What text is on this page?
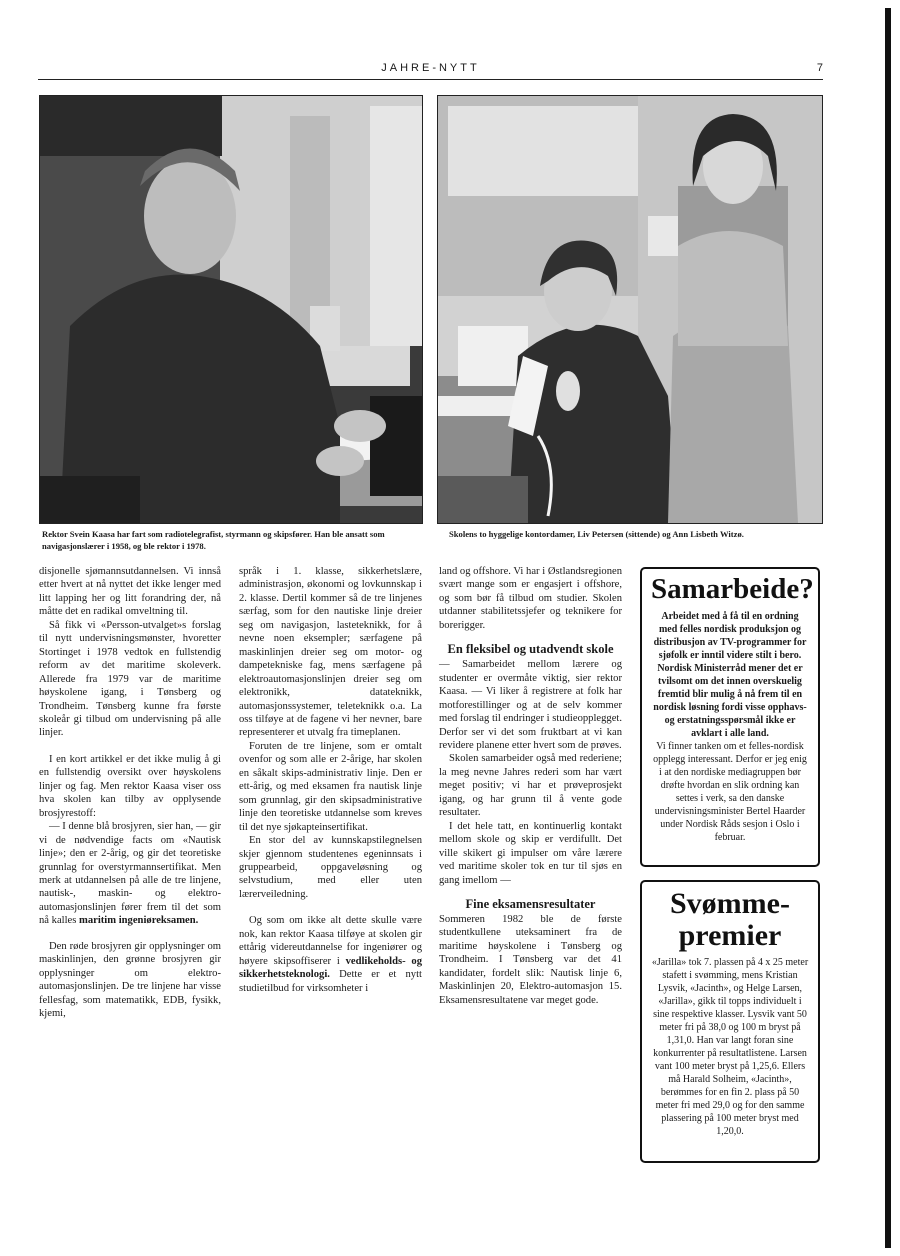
JAHRE-NYTT	7
Rektor Svein Kaasa har fart som radiotelegrafist, styrmann og skipsfører. Han ble ansatt som navigasjonslærer i 1958, og ble rektor i 1978.
Skolens to hyggelige kontordamer, Liv Petersen (sittende) og Ann Lisbeth Witzø.

disjonelle sjømannsutdannelsen. Vi innså etter hvert at nå nyttet det ikke lenger med litt lapping her og litt forandring der, nå måtte det en radikal omveltning til.

Så fikk vi «Persson-utvalget»s forslag til nytt undervisningsmønster, hvoretter Stortinget i 1978 vedtok en fullstendig reform av det maritime skoleverk. Allerede fra 1979 var de maritime høyskolene igang, i Tønsberg og Trondheim. Tønsberg kunne fra første skoleår gi tilbud om undervisning på alle linjer.

I en kort artikkel er det ikke mulig å gi en fullstendig oversikt over høyskolens linjer og fag. Men rektor Kaasa viser oss hva skolen kan tilby av opplysende brosjyrestoff:

— I denne blå brosjyren, sier han, — gir vi de nødvendige facts om «Nautisk linje»; den er 2-årig, og gir det teoretiske grunnlag for overstyrmannsertifikat. Men merk at utdannelsen på alle de tre linjene, nautisk-, maskin- og elektro-automasjonslinjen fører frem til det som nå kalles maritim ingeniøreksamen.

Den røde brosjyren gir opplysninger om maskinlinjen, den grønne brosjyren gir opplysninger om elektro-automasjonslinjen. De tre linjene har visse fellesfag, som matematikk, EDB, fysikk, kjemi,

språk i 1. klasse, sikkerhetslære, administrasjon, økonomi og lovkunnskap i 2. klasse. Dertil kommer så de tre linjenes særfag, som for den nautiske linje dreier seg om navigasjon, lasteteknikk, for å nevne noen eksempler; særfagene på maskinlinjen dreier seg om motor- og dampetekniske fag, mens særfagene på elektroautomasjonslinjen dreier seg om elektronikk, datateknikk, automasjonssystemer, teleteknikk o.a. La oss tilføye at de fagene vi her nevner, bare representerer et utvalg fra timeplanen.

Foruten de tre linjene, som er omtalt ovenfor og som alle er 2-årige, har skolen en såkalt skips-administrativ linje. Den er ett-årig, og med eksamen fra nautisk linje som grunnlag, gir den skipsadministrative linje den teoretiske utdannelse som kreves til det nye sjøkapteinsertifikat.

En stor del av kunnskapstilegnelsen skjer gjennom studentenes egeninnsats i gruppearbeid, oppgaveløsning og selvstudium, med eller uten lærerveiledning.

Og som om ikke alt dette skulle være nok, kan rektor Kaasa tilføye at skolen gir ettårig videreutdannelse for ingeniører og høyere skipsoffiserer i vedlikeholds- og sikkerhetsteknologi. Dette er et nytt studietilbud for virksomheter i

land og offshore. Vi har i Østlandsregionen svært mange som er engasjert i offshore, og som bør få tilbud om studier. Skolen utdanner stabilitetssjefer og teknikere for borerigger.

En fleksibel og utadvendt skole

— Samarbeidet mellom lærere og studenter er overmåte viktig, sier rektor Kaasa. — Vi liker å registrere at folk har motforestillinger og at de selv kommer med forslag til endringer i studieopplegget. Derfor ser vi det som fruktbart at vi kan revidere planene etter hvert som de prøves.

Skolen samarbeider også med rederiene; la meg nevne Jahres rederi som har vært meget positiv; vi har et prøveprosjekt igang, og har grunn til å vente gode resultater.

I det hele tatt, en kontinuerlig kontakt mellom skole og skip er verdifullt. Det ville skikert gi impulser om våre lærere ved maritime skoler tok en tur til sjøs en gang imellom —

Fine eksamensresultater

Sommeren 1982 ble de første studentkullene uteksaminert fra de maritime høyskolene i Tønsberg og Trondheim. I Tønsberg var det 41 kandidater, fordelt slik: Nautisk linje 6, Maskinlinjen 20, Elektro-automasjon 15. Eksamensresultatene var meget gode.

Samarbeide?

Arbeidet med å få til en ordning med felles nordisk produksjon og distribusjon av TV-programmer for sjøfolk er inntil videre stilt i bero. Nordisk Ministerråd mener det er tvilsomt om det innen overskuelig fremtid blir mulig å nå frem til en nordisk løsning fordi visse opphavs- og erstatningsspørsmål ikke er avklart i alle land.

Vi finner tanken om et felles-nordisk opplegg interessant. Derfor er jeg enig i at den nordiske mediagruppen bør drøfte hvordan en slik ordning kan settes i verk, sa den danske undervisningsminister Bertel Haarder under Nordisk Råds sesjon i Oslo i februar.

Svømme-
premier

«Jarilla» tok 7. plassen på 4 x 25 meter stafett i svømming, mens Kristian Lysvik, «Jacinth», og Helge Larsen, «Jarilla», gikk til topps individuelt i sine respektive klasser. Lysvik vant 50 meter fri på 38,0 og 100 m bryst på 1,31,0. Han var langt foran sine konkurrenter på resultatlistene. Larsen vant 100 meter bryst på 1,25,6. Ellers må Harald Solheim, «Jacinth», berømmes for en fin 2. plass på 50 meter fri med 29,0 og for den samme plassering på 100 meter bryst med 1,20,0.
